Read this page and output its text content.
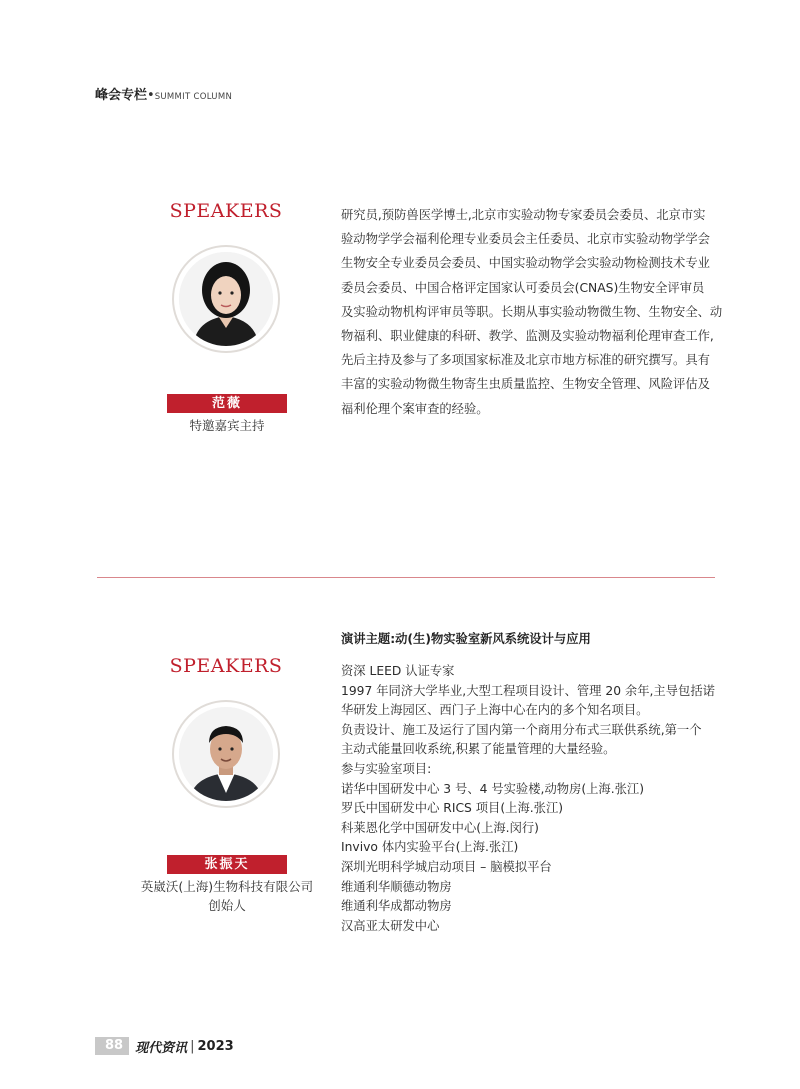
峰会专栏•SUMMIT COLUMN
SPEAKERS
范薇
特邀嘉宾主持

研究员,预防兽医学博士,北京市实验动物专家委员会委员、北京市实

验动物学学会福利伦理专业委员会主任委员、北京市实验动物学学会

生物安全专业委员会委员、中国实验动物学会实验动物检测技术专业

委员会委员、中国合格评定国家认可委员会(CNAS)生物安全评审员

及实验动物机构评审员等职。长期从事实验动物微生物、生物安全、动

物福利、职业健康的科研、教学、监测及实验动物福利伦理审查工作,

先后主持及参与了多项国家标准及北京市地方标准的研究撰写。具有

丰富的实验动物微生物寄生虫质量监控、生物安全管理、风险评估及

福利伦理个案审查的经验。

演讲主题:动(生)物实验室新风系统设计与应用
SPEAKERS
张振天
英崴沃(上海)生物科技有限公司
创始人

资深 LEED 认证专家

1997 年同济大学毕业,大型工程项目设计、管理 20 余年,主导包括诺

华研发上海园区、西门子上海中心在内的多个知名项目。

负责设计、施工及运行了国内第一个商用分布式三联供系统,第一个

主动式能量回收系统,积累了能量管理的大量经验。

参与实验室项目:

诺华中国研发中心 3 号、4 号实验楼,动物房(上海.张江)

罗氏中国研发中心 RICS 项目(上海.张江)

科莱恩化学中国研发中心(上海.闵行)

Invivo 体内实验平台(上海.张江)

深圳光明科学城启动项目 – 脑模拟平台

维通利华顺德动物房

维通利华成都动物房

汉高亚太研发中心

88 现代资讯 | 2023
